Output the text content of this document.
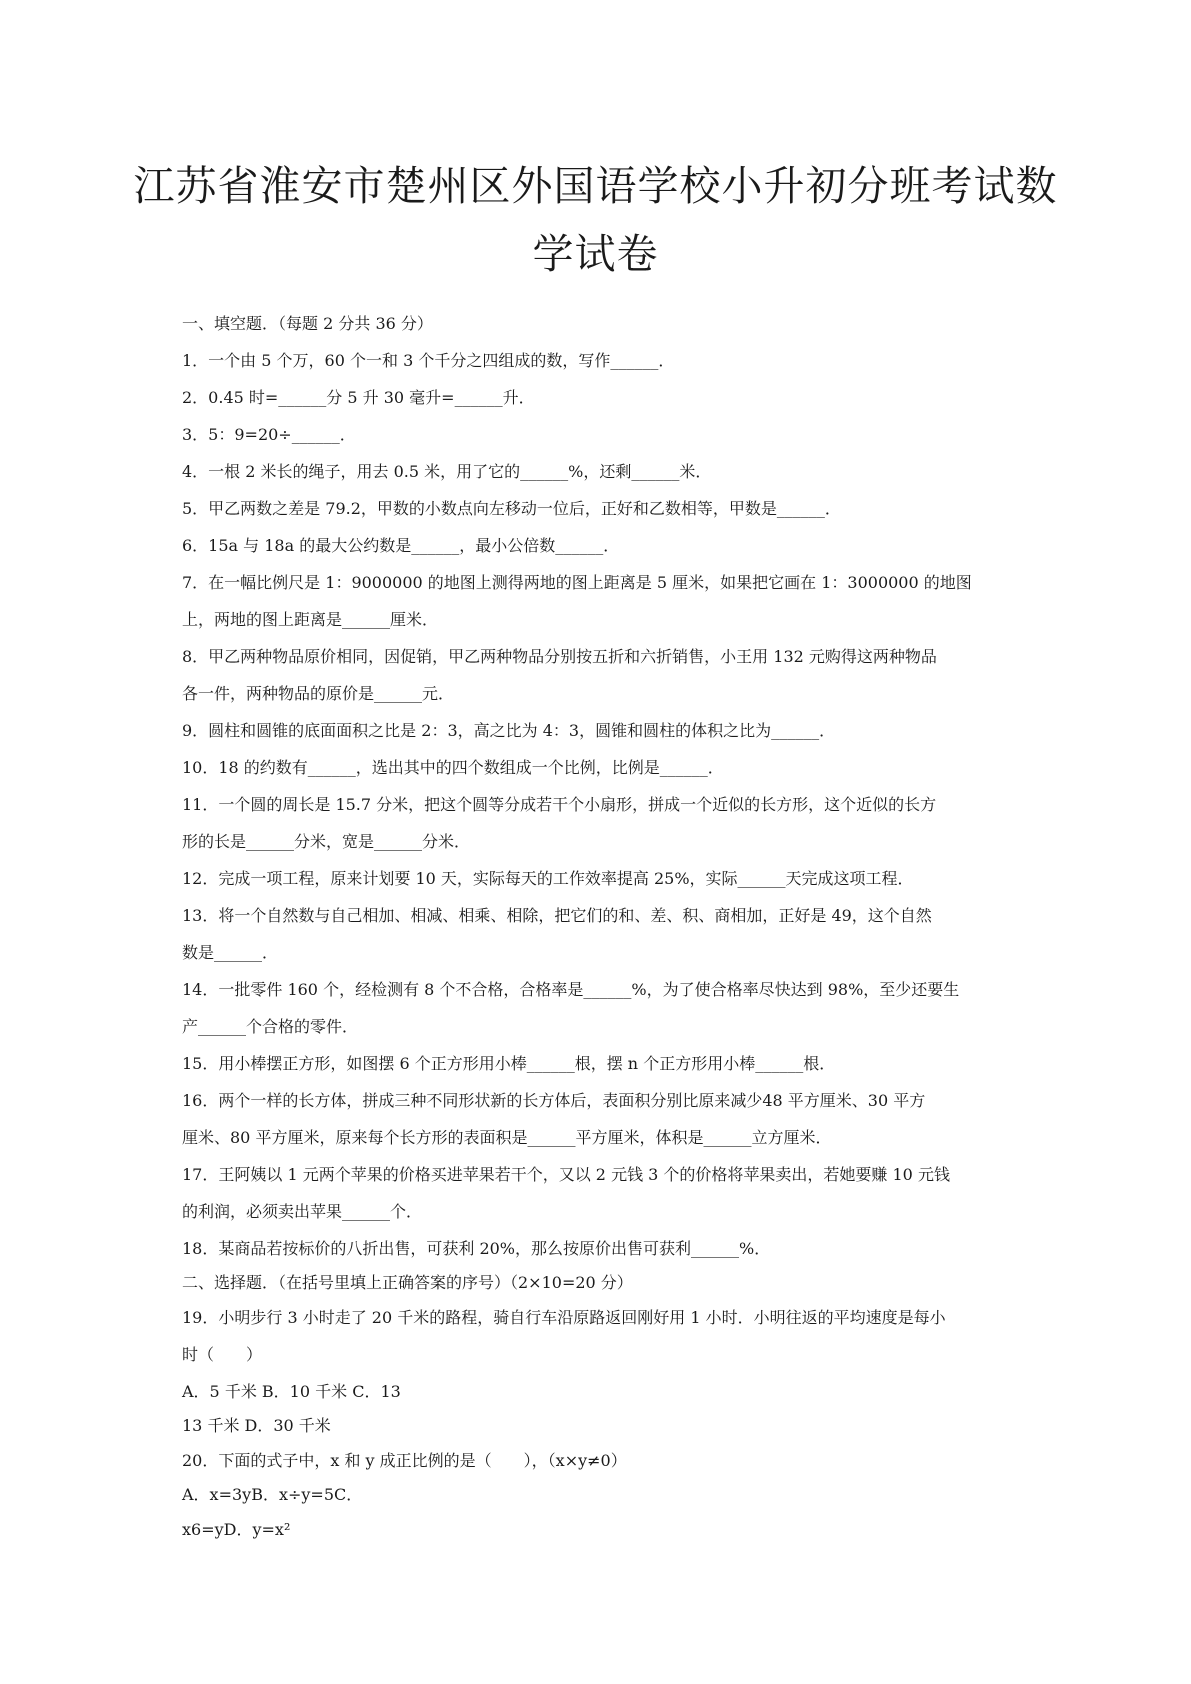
江苏省淮安市楚州区外国语学校小升初分班考试数
学试卷
一、填空题．（每题 2 分共 36 分）
1．一个由 5 个万，60 个一和 3 个千分之四组成的数，写作______．
2．0.45 时=______分 5 升 30 毫升=______升．
3．5：9=20÷______．
4．一根 2 米长的绳子，用去 0.5 米，用了它的______%，还剩______米．
5．甲乙两数之差是 79.2，甲数的小数点向左移动一位后，正好和乙数相等，甲数是______．
6．15a 与 18a 的最大公约数是______，最小公倍数______．
7．在一幅比例尺是 1：9000000 的地图上测得两地的图上距离是 5 厘米，如果把它画在 1：3000000 的地图
上，两地的图上距离是______厘米．
8．甲乙两种物品原价相同，因促销，甲乙两种物品分别按五折和六折销售，小王用 132 元购得这两种物品
各一件，两种物品的原价是______元．
9．圆柱和圆锥的底面面积之比是 2：3，高之比为 4：3，圆锥和圆柱的体积之比为______．
10．18 的约数有______，选出其中的四个数组成一个比例，比例是______．
11．一个圆的周长是 15.7 分米，把这个圆等分成若干个小扇形，拼成一个近似的长方形，这个近似的长方
形的长是______分米，宽是______分米．
12．完成一项工程，原来计划要 10 天，实际每天的工作效率提高 25%，实际______天完成这项工程．
13．将一个自然数与自己相加、相减、相乘、相除，把它们的和、差、积、商相加，正好是 49，这个自然
数是______．
14．一批零件 160 个，经检测有 8 个不合格，合格率是______%，为了使合格率尽快达到 98%，至少还要生
产______个合格的零件．
15．用小棒摆正方形，如图摆 6 个正方形用小棒______根，摆 n 个正方形用小棒______根．
16．两个一样的长方体，拼成三种不同形状新的长方体后，表面积分别比原来减少48 平方厘米、30 平方
厘米、80 平方厘米，原来每个长方形的表面积是______平方厘米，体积是______立方厘米．
17．王阿姨以 1 元两个苹果的价格买进苹果若干个，又以 2 元钱 3 个的价格将苹果卖出，若她要赚 10 元钱
的利润，必须卖出苹果______个．
18．某商品若按标价的八折出售，可获利 20%，那么按原价出售可获利______%．
二、选择题．（在括号里填上正确答案的序号）（2×10=20 分）
19．小明步行 3 小时走了 20 千米的路程，骑自行车沿原路返回刚好用 1 小时．小明往返的平均速度是每小
时（　　）
A．5 千米 B．10 千米 C．13
13 千米 D．30 千米
20．下面的式子中，x 和 y 成正比例的是（　　），（x×y≠0）
A．x=3yB．x÷y=5C．
x6=yD．y=x²
